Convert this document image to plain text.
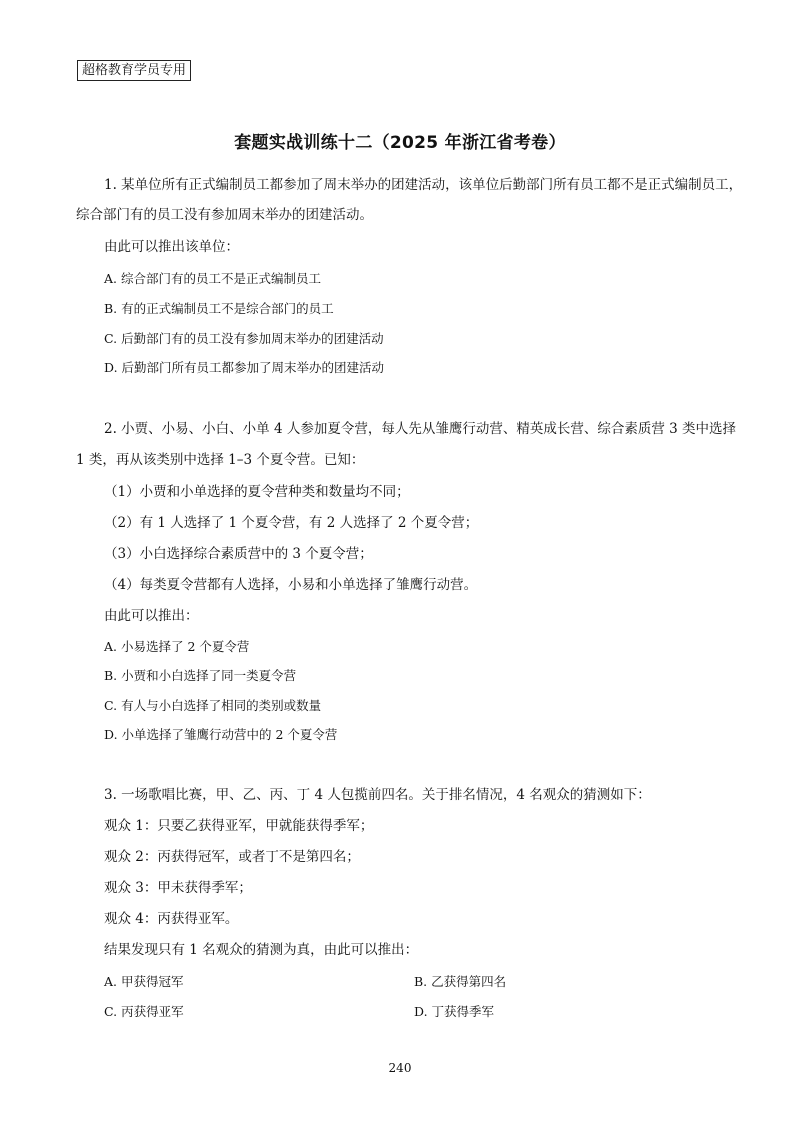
超格教育学员专用
套题实战训练十二（2025 年浙江省考卷）
1. 某单位所有正式编制员工都参加了周末举办的团建活动，该单位后勤部门所有员工都不是正式编制员工，
综合部门有的员工没有参加周末举办的团建活动。
由此可以推出该单位：
A. 综合部门有的员工不是正式编制员工
B. 有的正式编制员工不是综合部门的员工
C. 后勤部门有的员工没有参加周末举办的团建活动
D. 后勤部门所有员工都参加了周末举办的团建活动
2. 小贾、小易、小白、小单 4 人参加夏令营，每人先从雏鹰行动营、精英成长营、综合素质营 3 类中选择
1 类，再从该类别中选择 1–3 个夏令营。已知：
（1）小贾和小单选择的夏令营种类和数量均不同；
（2）有 1 人选择了 1 个夏令营，有 2 人选择了 2 个夏令营；
（3）小白选择综合素质营中的 3 个夏令营；
（4）每类夏令营都有人选择，小易和小单选择了雏鹰行动营。
由此可以推出：
A. 小易选择了 2 个夏令营
B. 小贾和小白选择了同一类夏令营
C. 有人与小白选择了相同的类别或数量
D. 小单选择了雏鹰行动营中的 2 个夏令营
3. 一场歌唱比赛，甲、乙、丙、丁 4 人包揽前四名。关于排名情况，4 名观众的猜测如下：
观众 1：只要乙获得亚军，甲就能获得季军；
观众 2：丙获得冠军，或者丁不是第四名；
观众 3：甲未获得季军；
观众 4：丙获得亚军。
结果发现只有 1 名观众的猜测为真，由此可以推出：
A. 甲获得冠军	B. 乙获得第四名
C. 丙获得亚军	D. 丁获得季军
240
